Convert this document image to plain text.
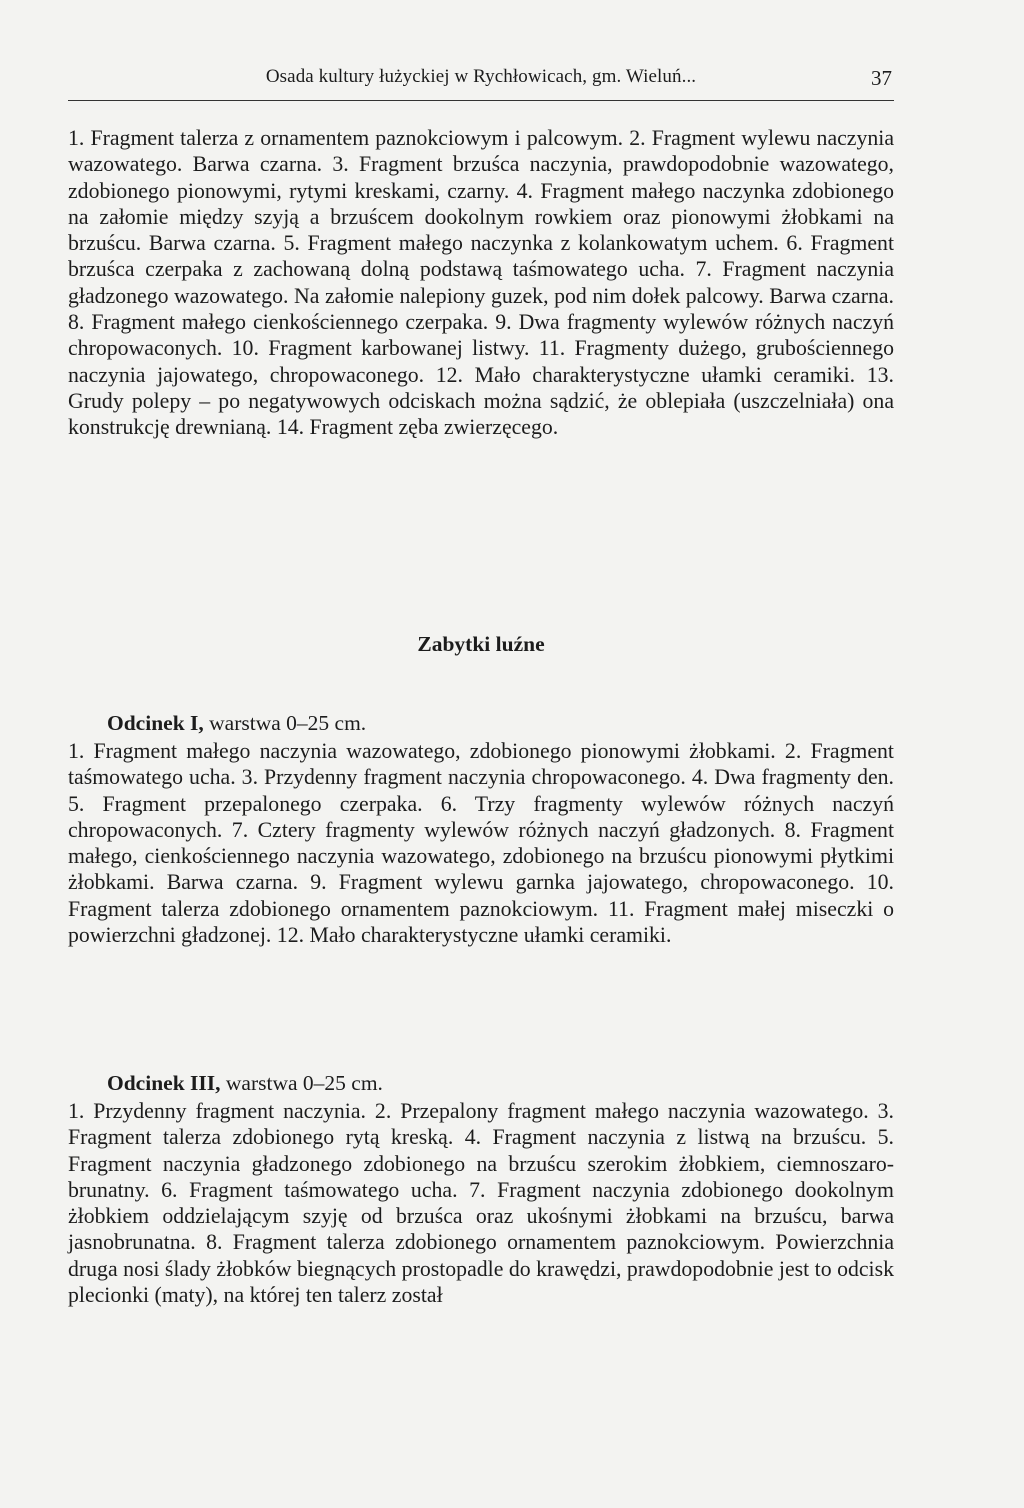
Osada kultury łużyckiej w Rychłowicach, gm. Wieluń...	37

1. Fragment talerza z ornamentem paznokciowym i palcowym. 2. Fragment wylewu naczynia wazowatego. Barwa czarna. 3. Fragment brzuśca naczynia, prawdopodobnie wazowatego, zdobionego pionowymi, rytymi kreskami, czarny. 4. Fragment małego naczynka zdobionego na załomie między szyją a brzuścem dookolnym rowkiem oraz pionowymi żłobkami na brzuścu. Barwa czarna. 5. Fragment małego naczynka z kolankowatym uchem. 6. Fragment brzuśca czerpaka z zachowaną dolną podstawą taśmowatego ucha. 7. Fragment naczynia gładzonego wazowatego. Na załomie nalepiony guzek, pod nim dołek palcowy. Barwa czarna. 8. Fragment małego cienkościennego czerpaka. 9. Dwa fragmenty wylewów różnych naczyń chropowaconych. 10. Fragment karbowanej listwy. 11. Fragmenty dużego, grubościennego naczynia jajowatego, chropowaconego. 12. Mało charakterystyczne ułamki ceramiki. 13. Grudy polepy – po negatywowych odciskach można sądzić, że oblepiała (uszczelniała) ona konstrukcję drewnianą. 14. Fragment zęba zwierzęcego.

Zabytki luźne

Odcinek I, warstwa 0–25 cm.

1. Fragment małego naczynia wazowatego, zdobionego pionowymi żłobkami. 2. Fragment taśmowatego ucha. 3. Przydenny fragment naczynia chropowaconego. 4. Dwa fragmenty den. 5. Fragment przepalonego czerpaka. 6. Trzy fragmenty wylewów różnych naczyń chropowaconych. 7. Cztery fragmenty wylewów różnych naczyń gładzonych. 8. Fragment małego, cienkościennego naczynia wazowatego, zdobionego na brzuścu pionowymi płytkimi żłobkami. Barwa czarna. 9. Fragment wylewu garnka jajowatego, chropowaconego. 10. Fragment talerza zdobionego ornamentem paznokciowym. 11. Fragment małej miseczki o powierzchni gładzonej. 12. Mało charakterystyczne ułamki ceramiki.

Odcinek III, warstwa 0–25 cm.

1. Przydenny fragment naczynia. 2. Przepalony fragment małego naczynia wazowatego. 3. Fragment talerza zdobionego rytą kreską. 4. Fragment naczynia z listwą na brzuścu. 5. Fragment naczynia gładzonego zdobionego na brzuścu szerokim żłobkiem, ciemnoszaro-brunatny. 6. Fragment taśmowatego ucha. 7. Fragment naczynia zdobionego dookolnym żłobkiem oddzielającym szyję od brzuśca oraz ukośnymi żłobkami na brzuścu, barwa jasnobrunatna. 8. Fragment talerza zdobionego ornamentem paznokciowym. Powierzchnia druga nosi ślady żłobków biegnących prostopadle do krawędzi, prawdopodobnie jest to odcisk plecionki (maty), na której ten talerz został
